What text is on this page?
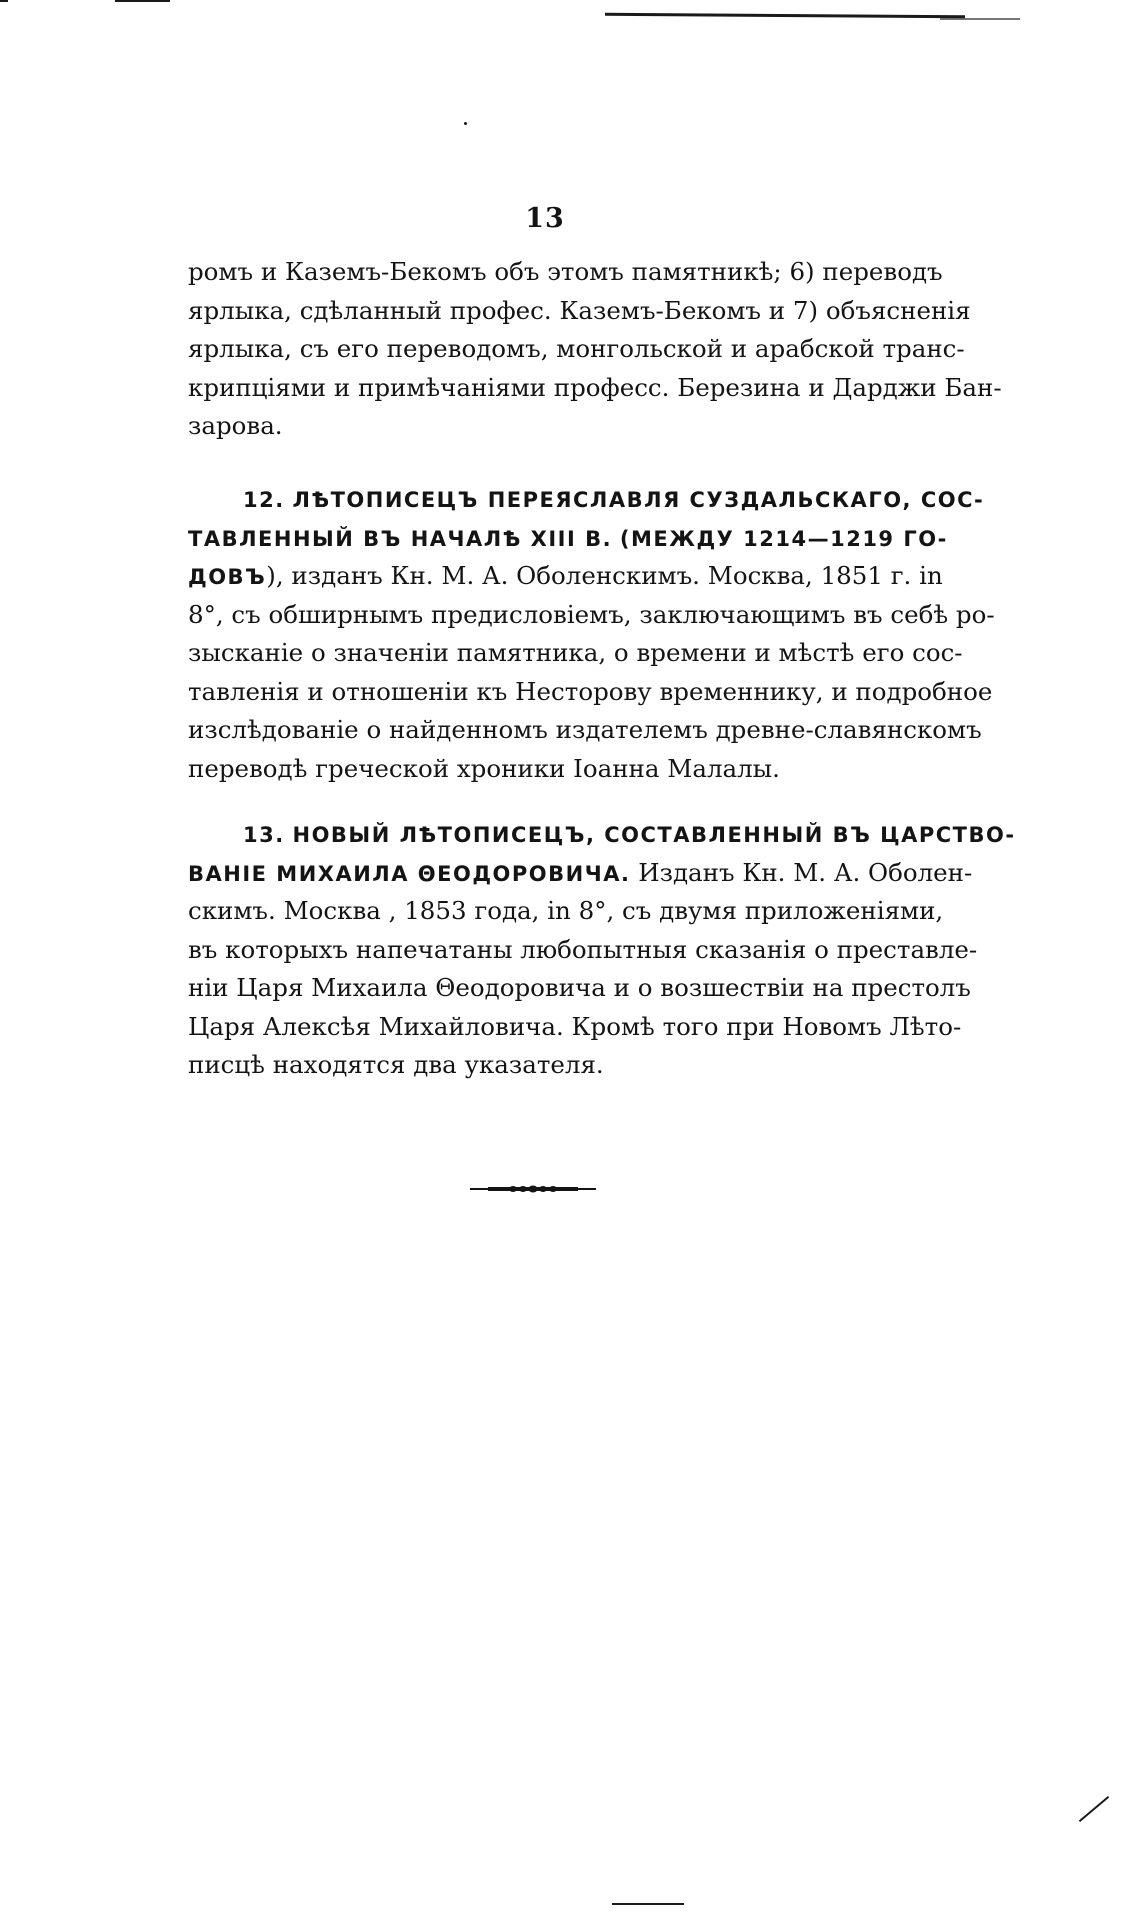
13
ромъ и Каземъ-Бекомъ объ этомъ памятникѣ; 6) переводъ
ярлыка, сдѣланный профес. Каземъ-Бекомъ и 7) объясненія
ярлыка, съ его переводомъ, монгольской и арабской транс-
крипціями и примѣчаніями професс. Березина и Дарджи Бан-
зарова.
12. ЛѢТОПИСЕЦЪ ПЕРЕЯСЛАВЛЯ СУЗДАЛЬСКАГО, СОС-
ТАВЛЕННЫЙ ВЪ НАЧАЛѢ XIII В. (МЕЖДУ 1214—1219 ГО-
ДОВЪ), изданъ Кн. М. А. Оболенскимъ. Москва, 1851 г. in
8°, съ обширнымъ предисловіемъ, заключающимъ въ себѣ ро-
зысканіе о значеніи памятника, о времени и мѣстѣ его сос-
тавленія и отношеніи къ Несторову временнику, и подробное
изслѣдованіе о найденномъ издателемъ древне-славянскомъ
переводѣ греческой хроники Іоанна Малалы.
13. НОВЫЙ ЛѢТОПИСЕЦЪ, СОСТАВЛЕННЫЙ ВЪ ЦАРСТВО-
ВАНІЕ МИХАИЛА ΘЕОДОРОВИЧА. Изданъ Кн. М. А. Оболен-
скимъ. Москва , 1853 года, in 8°, съ двумя приложеніями,
въ которыхъ напечатаны любопытныя сказанія о преставле-
ніи Царя Михаила Θеодоровича и о возшествіи на престолъ
Царя Алексѣя Михайловича. Кромѣ того при Новомъ Лѣто-
писцѣ находятся два указателя.
